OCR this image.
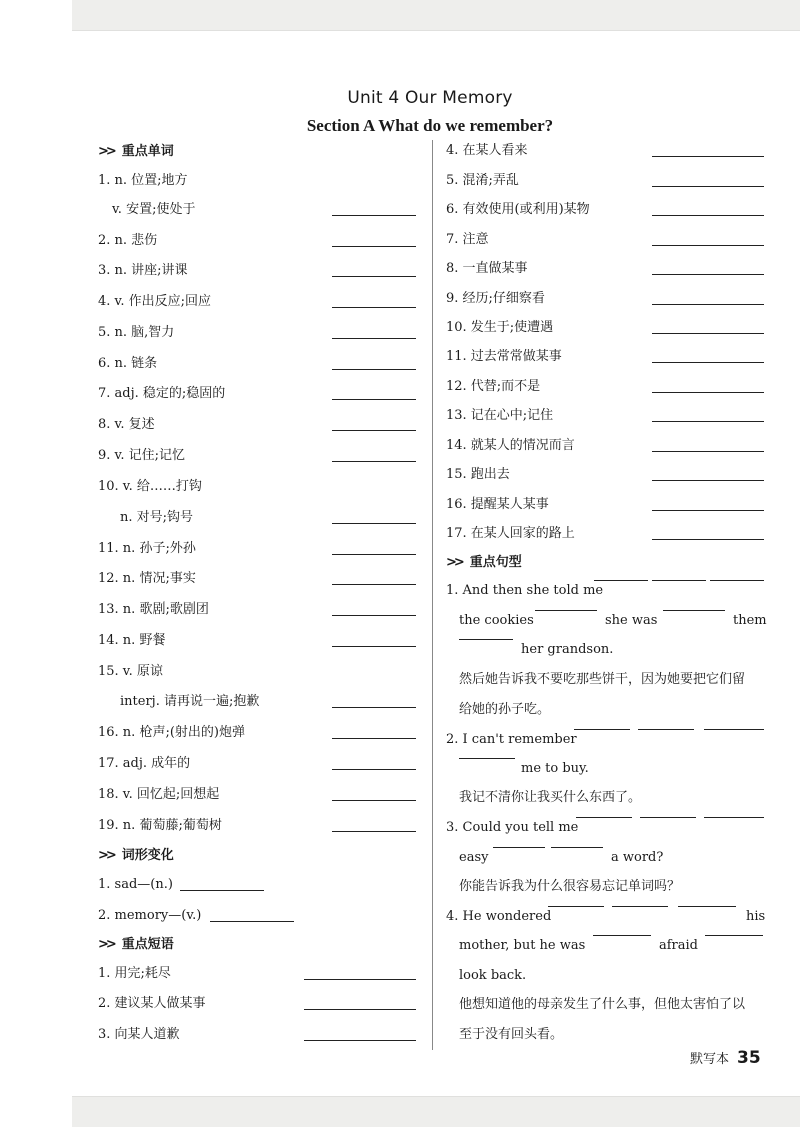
Unit 4 Our Memory
Section A What do we remember?
>> 重点单词
1. n. 位置;地方
v. 安置;使处于
2. n. 悲伤
3. n. 讲座;讲课
4. v. 作出反应;回应
5. n. 脑,智力
6. n. 链条
7. adj. 稳定的;稳固的
8. v. 复述
9. v. 记住;记忆
10. v. 给……打钩
n. 对号;钩号
11. n. 孙子;外孙
12. n. 情况;事实
13. n. 歌剧;歌剧团
14. n. 野餐
15. v. 原谅
interj. 请再说一遍;抱歉
16. n. 枪声;(射出的)炮弹
17. adj. 成年的
18. v. 回忆起;回想起
19. n. 葡萄藤;葡萄树
>> 词形变化
1. sad—(n.)
2. memory—(v.)
>> 重点短语
1. 用完;耗尽
2. 建议某人做某事
3. 向某人道歉
4. 在某人看来
5. 混淆;弄乱
6. 有效使用(或利用)某物
7. 注意
8. 一直做某事
9. 经历;仔细察看
10. 发生于;使遭遇
11. 过去常常做某事
12. 代替;而不是
13. 记在心中;记住
14. 就某人的情况而言
15. 跑出去
16. 提醒某人某事
17. 在某人回家的路上
>> 重点句型
1. And then she told me
the cookies	she was	them
her grandson.
然后她告诉我不要吃那些饼干，因为她要把它们留
给她的孙子吃。
2. I can't remember
me to buy.
我记不清你让我买什么东西了。
3. Could you tell me
easy	a word?
你能告诉我为什么很容易忘记单词吗？
4. He wondered	his
mother, but he was	afraid
look back.
他想知道他的母亲发生了什么事，但他太害怕了以
至于没有回头看。
默写本 35
